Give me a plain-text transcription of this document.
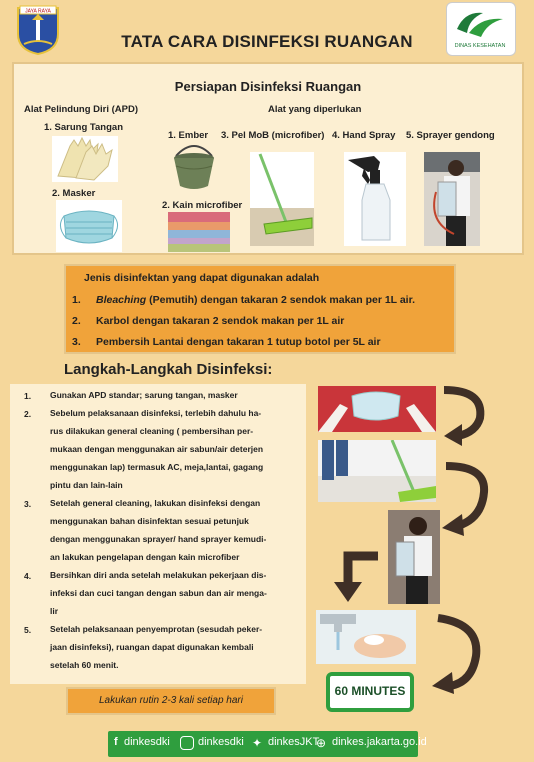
JAYA RAYA
DINAS KESEHATAN
TATA CARA DISINFEKSI RUANGAN
Persiapan Disinfeksi Ruangan
Alat Pelindung Diri (APD)	Alat yang diperlukan
1. Sarung Tangan
2. Masker
1. Ember
2. Kain microfiber
3. Pel MoB (microfiber) 4. Hand Spray 5. Sprayer gendong
Jenis disinfektan yang dapat digunakan adalah
1. Bleaching (Pemutih) dengan takaran 2 sendok makan per 1L air.
2. Karbol dengan takaran 2 sendok makan per 1L air
3. Pembersih Lantai dengan takaran 1 tutup botol per 5L air
Langkah-Langkah Disinfeksi:
1. Gunakan APD standar; sarung tangan, masker
2. Sebelum pelaksanaan disinfeksi, terlebih dahulu ha-
rus dilakukan general cleaning ( pembersihan per-
mukaan dengan menggunakan air sabun/air deterjen
menggunakan lap) termasuk AC, meja,lantai, gagang
pintu dan lain-lain
3. Setelah general cleaning, lakukan disinfeksi dengan
menggunakan bahan disinfektan sesuai petunjuk
dengan menggunakan sprayer/ hand sprayer kemudi-
an lakukan pengelapan dengan kain microfiber
4. Bersihkan diri anda setelah melakukan pekerjaan dis-
infeksi dan cuci tangan dengan sabun dan air menga-
lir
5. Setelah pelaksanaan penyemprotan (sesudah peker-
jaan disinfeksi), ruangan dapat digunakan kembali
setelah 60 menit.
60 MINUTES
Lakukan rutin 2-3 kali setiap hari
f dinkesdki	dinkesdki ✦ dinkesJKT
⊕ dinkes.jakarta.go.id
